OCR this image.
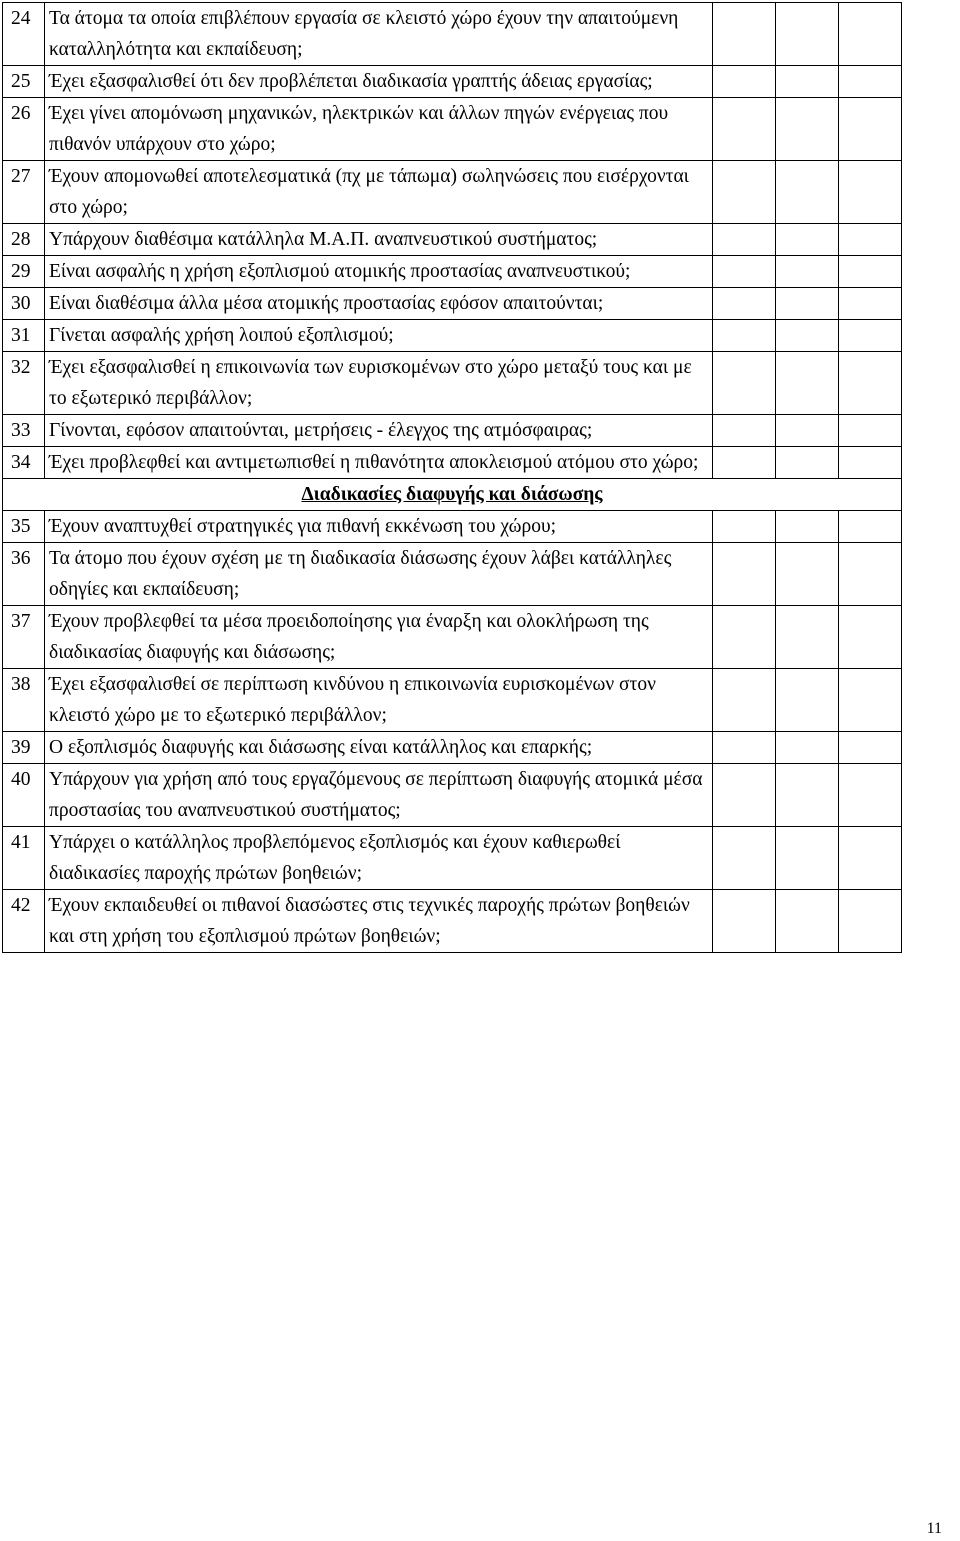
24	Τα άτομα τα οποία επιβλέπουν εργασία σε κλειστό χώρο έχουν την απαιτούμενη καταλληλότητα και εκπαίδευση;			
25	Έχει εξασφαλισθεί ότι δεν προβλέπεται διαδικασία γραπτής άδειας εργασίας;			
26	Έχει γίνει απομόνωση μηχανικών, ηλεκτρικών και άλλων πηγών ενέργειας που πιθανόν υπάρχουν στο χώρο;			
27	Έχουν απομονωθεί αποτελεσματικά (πχ με τάπωμα) σωληνώσεις που εισέρχονται στο χώρο;			
28	Υπάρχουν διαθέσιμα κατάλληλα Μ.Α.Π. αναπνευστικού συστήματος;			
29	Είναι ασφαλής η χρήση εξοπλισμού ατομικής προστασίας αναπνευστικού;			
30	Είναι διαθέσιμα άλλα μέσα ατομικής προστασίας εφόσον απαιτούνται;			
31	Γίνεται ασφαλής χρήση λοιπού εξοπλισμού;			
32	Έχει εξασφαλισθεί η επικοινωνία των ευρισκομένων στο χώρο μεταξύ τους και με το εξωτερικό περιβάλλον;			
33	Γίνονται, εφόσον απαιτούνται, μετρήσεις - έλεγχος της ατμόσφαιρας;			
34	Έχει προβλεφθεί και αντιμετωπισθεί η πιθανότητα αποκλεισμού ατόμου στο χώρο;			
Διαδικασίες διαφυγής και διάσωσης				
35	Έχουν αναπτυχθεί στρατηγικές για πιθανή εκκένωση του χώρου;			
36	Τα άτομο που έχουν σχέση με τη διαδικασία διάσωσης έχουν λάβει κατάλληλες οδηγίες και εκπαίδευση;			
37	Έχουν προβλεφθεί τα μέσα προειδοποίησης για έναρξη και ολοκλήρωση της διαδικασίας διαφυγής και διάσωσης;			
38	Έχει εξασφαλισθεί σε περίπτωση κινδύνου η επικοινωνία ευρισκομένων στον κλειστό χώρο με το εξωτερικό περιβάλλον;			
39	Ο εξοπλισμός διαφυγής και διάσωσης είναι κατάλληλος και επαρκής;			
40	Υπάρχουν για χρήση από τους εργαζόμενους σε περίπτωση διαφυγής ατομικά μέσα προστασίας του αναπνευστικού συστήματος;			
41	Υπάρχει ο κατάλληλος προβλεπόμενος εξοπλισμός και έχουν καθιερωθεί διαδικασίες παροχής πρώτων βοηθειών;			
42	Έχουν εκπαιδευθεί οι πιθανοί διασώστες στις τεχνικές παροχής πρώτων βοηθειών και στη χρήση του εξοπλισμού πρώτων βοηθειών;			
11
